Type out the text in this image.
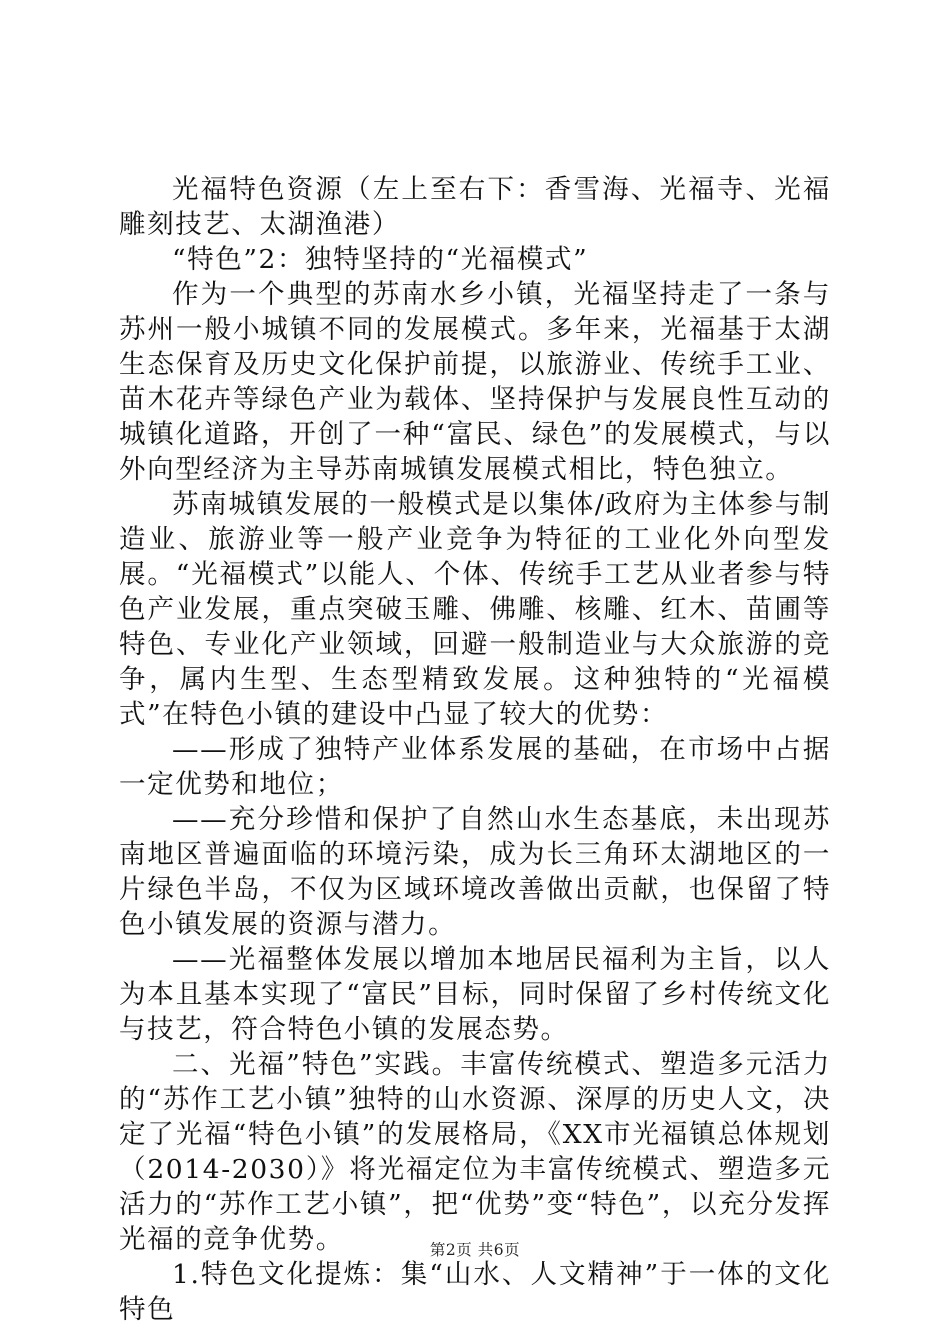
光福特色资源（左上至右下：香雪海、光福寺、光福雕刻技艺、太湖渔港）

“特色”2：独特坚持的“光福模式”

作为一个典型的苏南水乡小镇，光福坚持走了一条与苏州一般小城镇不同的发展模式。多年来，光福基于太湖生态保育及历史文化保护前提，以旅游业、传统手工业、苗木花卉等绿色产业为载体、坚持保护与发展良性互动的城镇化道路，开创了一种“富民、绿色”的发展模式，与以外向型经济为主导苏南城镇发展模式相比，特色独立。

苏南城镇发展的一般模式是以集体/政府为主体参与制造业、旅游业等一般产业竞争为特征的工业化外向型发展。“光福模式”以能人、个体、传统手工艺从业者参与特色产业发展，重点突破玉雕、佛雕、核雕、红木、苗圃等特色、专业化产业领域，回避一般制造业与大众旅游的竞争，属内生型、生态型精致发展。这种独特的“光福模式”在特色小镇的建设中凸显了较大的优势：

——形成了独特产业体系发展的基础，在市场中占据一定优势和地位；

——充分珍惜和保护了自然山水生态基底，未出现苏南地区普遍面临的环境污染，成为长三角环太湖地区的一片绿色半岛，不仅为区域环境改善做出贡献，也保留了特色小镇发展的资源与潜力。

——光福整体发展以增加本地居民福利为主旨，以人为本且基本实现了“富民”目标，同时保留了乡村传统文化与技艺，符合特色小镇的发展态势。

二、光福”特色”实践。丰富传统模式、塑造多元活力的“苏作工艺小镇”独特的山水资源、深厚的历史人文，决定了光福“特色小镇”的发展格局，《XX市光福镇总体规划（2014-2030）》将光福定位为丰富传统模式、塑造多元活力的“苏作工艺小镇”，把“优势”变“特色”，以充分发挥光福的竞争优势。

1.特色文化提炼：集“山水、人文精神”于一体的文化特色

第2页 共6页
